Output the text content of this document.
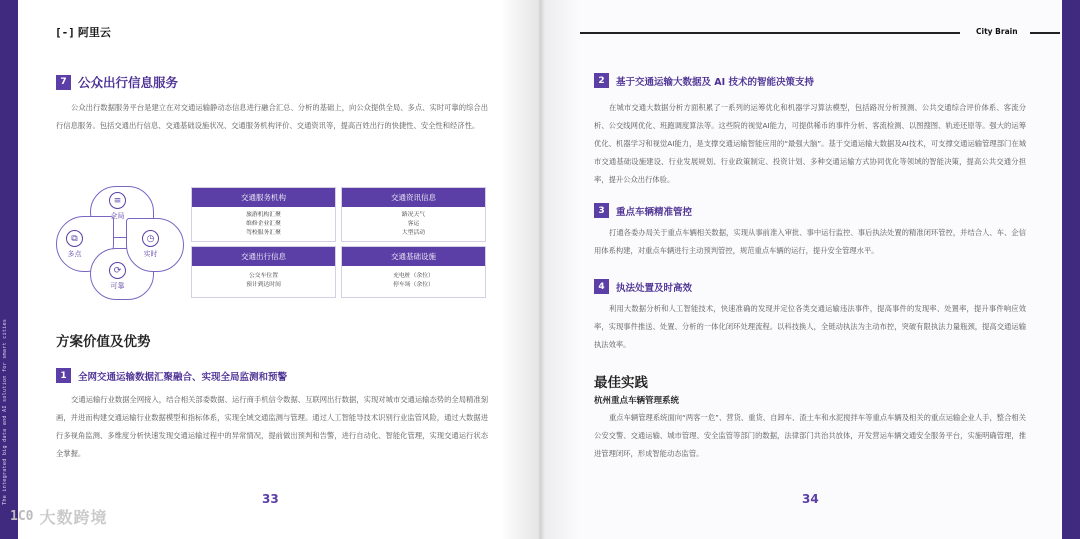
The integrated big data and AI solution for smart cities
[-] 阿里云
7 公众出行信息服务

公众出行数据服务平台是建立在对交通运输静动态信息进行融合汇总、分析的基础上，向公众提供全局、多点、实时可靠的综合出行信息服务。包括交通出行信息、交通基础设施状况、交通服务机构评价、交通资讯等，提高百姓出行的快捷性、安全性和经济性。

≡
全局
⧉
多点
◷
实时
⟳
可靠
交通服务机构
旅游机构汇聚
维修企业汇聚
驾校服务汇聚
交通资讯信息
路况天气
客运
大型活动
交通出行信息
公交车位置
预计到达时间
交通基础设施
充电桩（余位）
停车场（余位）
方案价值及优势
1	全网交通运输数据汇聚融合、实现全局监测和预警

交通运输行业数据全网接入，结合相关部委数据、运行商手机信令数据、互联网出行数据，实现对城市交通运输态势的全局精准刻画，并进而构建交通运输行业数据模型和指标体系，实现全域交通监测与管理。通过人工智能导技术识别行业监管风险，通过大数据进行多视角监测、多维度分析快速发现交通运输过程中的异常情况，提前做出预判和告警，进行自动化、智能化管理，实现交通运行状态全掌握。

33
1C0 大数跨境
City Brain
2	基于交通运输大数据及 AI 技术的智能决策支持

在城市交通大数据分析方面积累了一系列的运筹优化和机器学习算法模型，包括路况分析预测、公共交通综合评价体系、客流分析、公交线网优化、班跑调度算法等。这些院的视觉AI能力，可提供稀币的事件分析、客流检测、以图搜图、轨迹还原等。强大的运筹优化、机器学习和视觉AI能力，是支撑交通运输智能应用的“最强大脑”。基于交通运输大数据及AI技术，可支撑交通运输管理部门在城市交通基础设施建设、行业发展规划、行业政策制定、投资计划、多种交通运输方式协同优化等领域的智能决策，提高公共交通分担率，提升公众出行体验。

3	重点车辆精准管控

打通各委办局关于重点车辆相关数据，实现从事前准入审批、事中运行监控、事后执法处置的精准闭环管控，并结合人、车、企信用体系构建，对重点车辆进行主动预判管控，规范重点车辆的运行，提升安全管理水平。

4	执法处置及时高效

利用大数据分析和人工智能技术，快速准确的发现并定位各类交通运输违法事件，提高事件的发现率、处置率，提升事件响应效率，实现事件推送、处置、分析的一体化闭环处理流程。以科技换人，全链动执法为主动布控，突破有限执法力量瓶颈，提高交通运输执法效率。

最佳实践
杭州重点车辆管理系统

重点车辆管理系统面向“两客一危”、营货、重货、自卸车、渣土车和水泥搅拌车等重点车辆及相关的重点运输企业人手，整合相关公安交警、交通运输、城市管理、安全监管等部门的数据，法律部门共治共放体，开发营运车辆交通安全服务平台，实施明确管理，推进管理闭环，形成智能动态监管。

34
